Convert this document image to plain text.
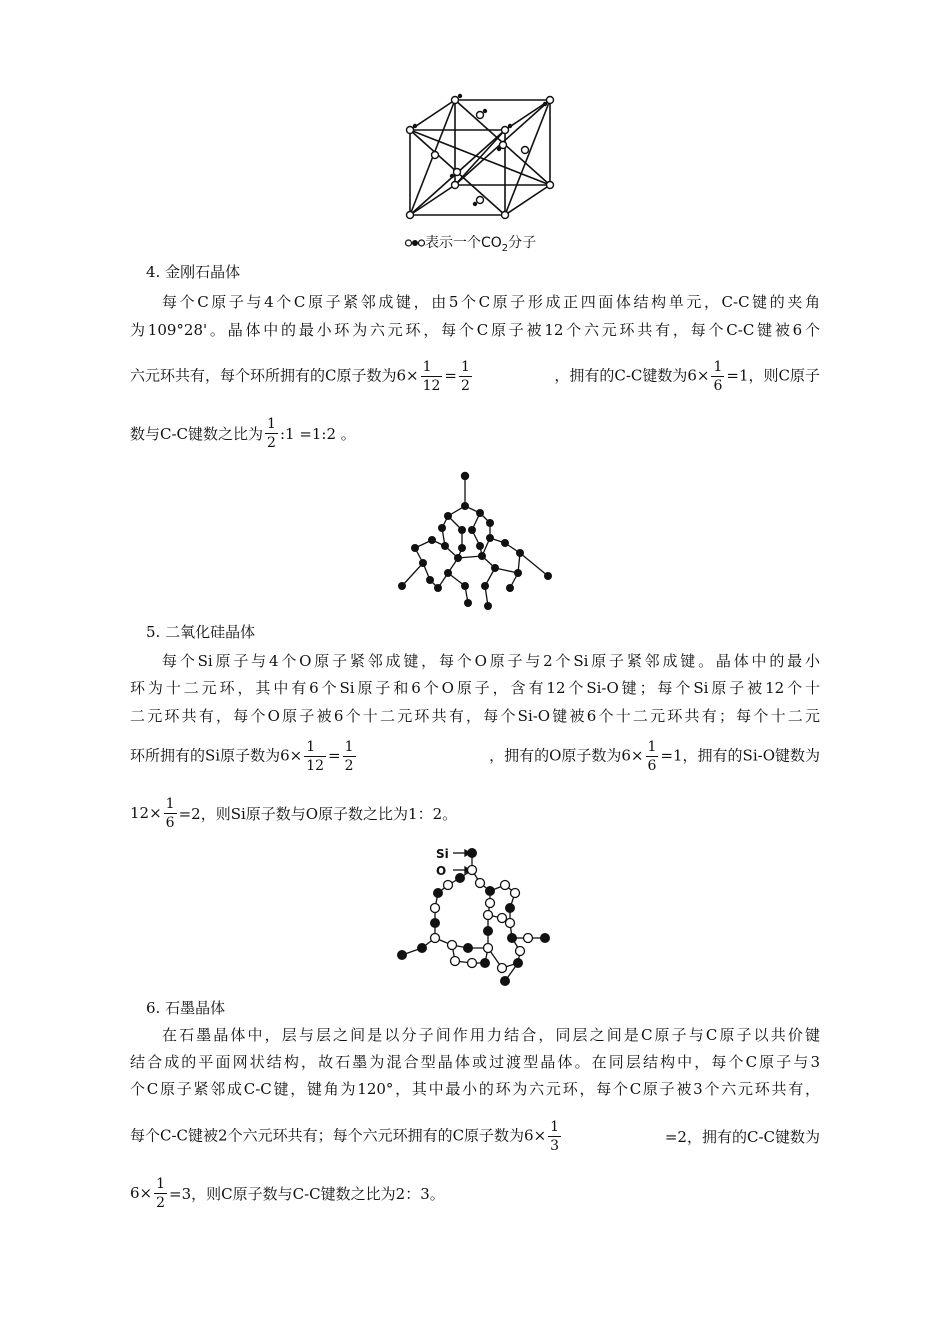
表示一个$CO_2$分子
4. 金刚石晶体
每个C原子与4个C原子紧邻成键，由5个C原子形成正四面体结构单元，C-C键的夹角
为109°28'。晶体中的最小环为六元环，每个C原子被12个六元环共有，每个C-C键被6个
六元环共有，每个环所拥有的C原子数为$6\times \frac{1}{12} = \frac{1}{2}$	，拥有的C-C键数为$6\times \frac{1}{6} =1$，则C原子
数与C-C键数之比为 $\frac{1}{2}$ :1 =1:2 。
5. 二氧化硅晶体
每个Si原子与4个O原子紧邻成键，每个O原子与2个Si原子紧邻成键。晶体中的最小
环为十二元环，其中有6个Si原子和6个O原子，含有12个Si-O键；每个Si原子被12个十
二元环共有，每个O原子被6个十二元环共有，每个Si-O键被6个十二元环共有；每个十二元
环所拥有的Si原子数为$6\times \frac{1}{12} = \frac{1}{2}$	，拥有的O原子数为$6\times \frac{1}{6} =1$，拥有的Si-O键数为
$12\times \frac{1}{6} =2$，则Si原子数与O原子数之比为1：2。
Si
O
6. 石墨晶体
在石墨晶体中，层与层之间是以分子间作用力结合，同层之间是C原子与C原子以共价键
结合成的平面网状结构，故石墨为混合型晶体或过渡型晶体。在同层结构中，每个C原子与3
个C原子紧邻成C-C键，键角为120°，其中最小的环为六元环，每个C原子被3个六元环共有，
每个C-C键被2个六元环共有；每个六元环拥有的C原子数为$6\times \frac{1}{3}$	=2，拥有的C-C键数为
$6\times \frac{1}{2} =3$，则C原子数与C-C键数之比为2：3。
